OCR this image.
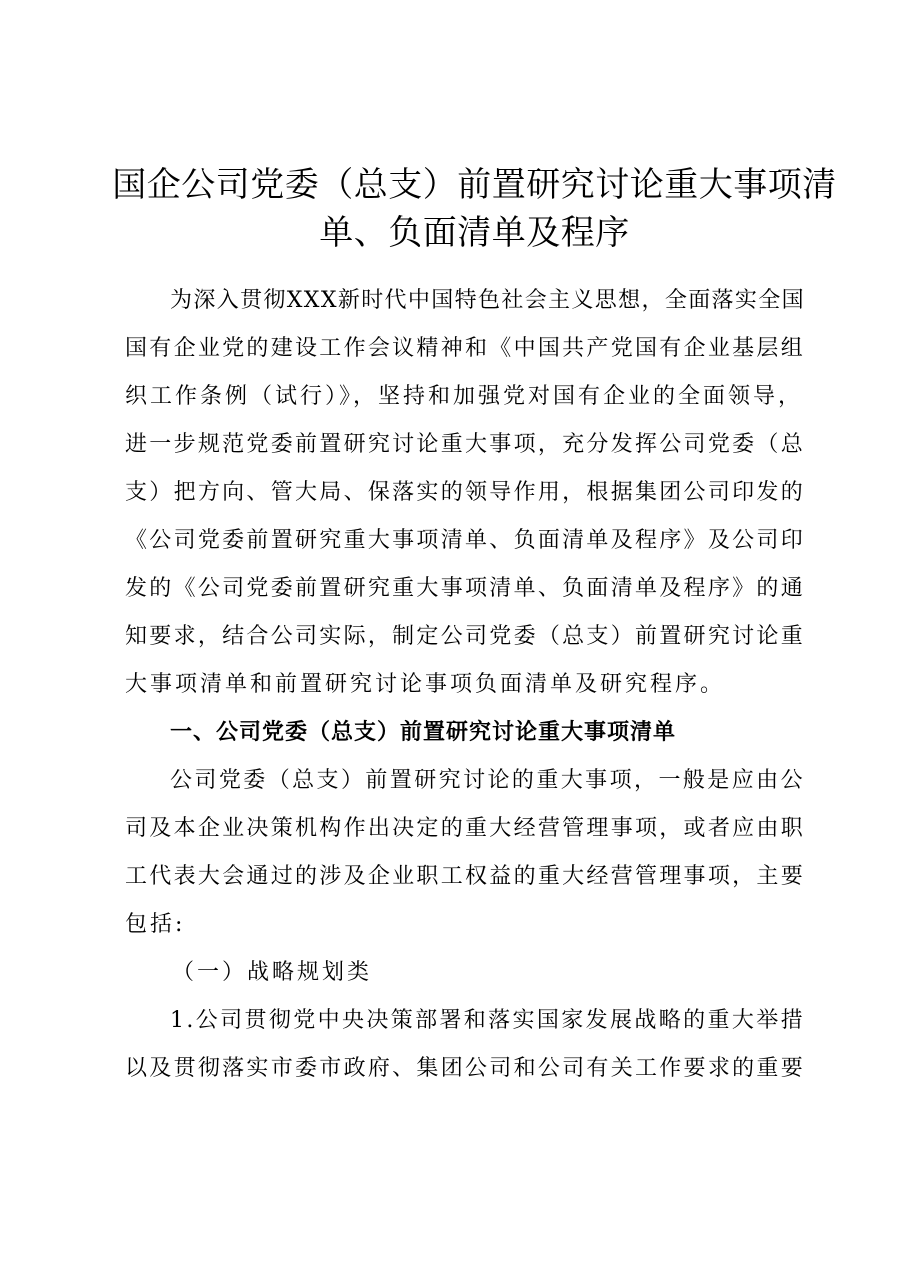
国企公司党委（总支）前置研究讨论重大事项清
单、负面清单及程序
为深入贯彻XXX新时代中国特色社会主义思想，全面落实全国
国有企业党的建设工作会议精神和《中国共产党国有企业基层组
织工作条例（试行）》，坚持和加强党对国有企业的全面领导，
进一步规范党委前置研究讨论重大事项，充分发挥公司党委（总
支）把方向、管大局、保落实的领导作用，根据集团公司印发的
《公司党委前置研究重大事项清单、负面清单及程序》及公司印
发的《公司党委前置研究重大事项清单、负面清单及程序》的通
知要求，结合公司实际，制定公司党委（总支）前置研究讨论重
大事项清单和前置研究讨论事项负面清单及研究程序。
一、公司党委（总支）前置研究讨论重大事项清单
公司党委（总支）前置研究讨论的重大事项，一般是应由公
司及本企业决策机构作出决定的重大经营管理事项，或者应由职
工代表大会通过的涉及企业职工权益的重大经营管理事项，主要
包括:
（一）战略规划类
1.公司贯彻党中央决策部署和落实国家发展战略的重大举措
以及贯彻落实市委市政府、集团公司和公司有关工作要求的重要
